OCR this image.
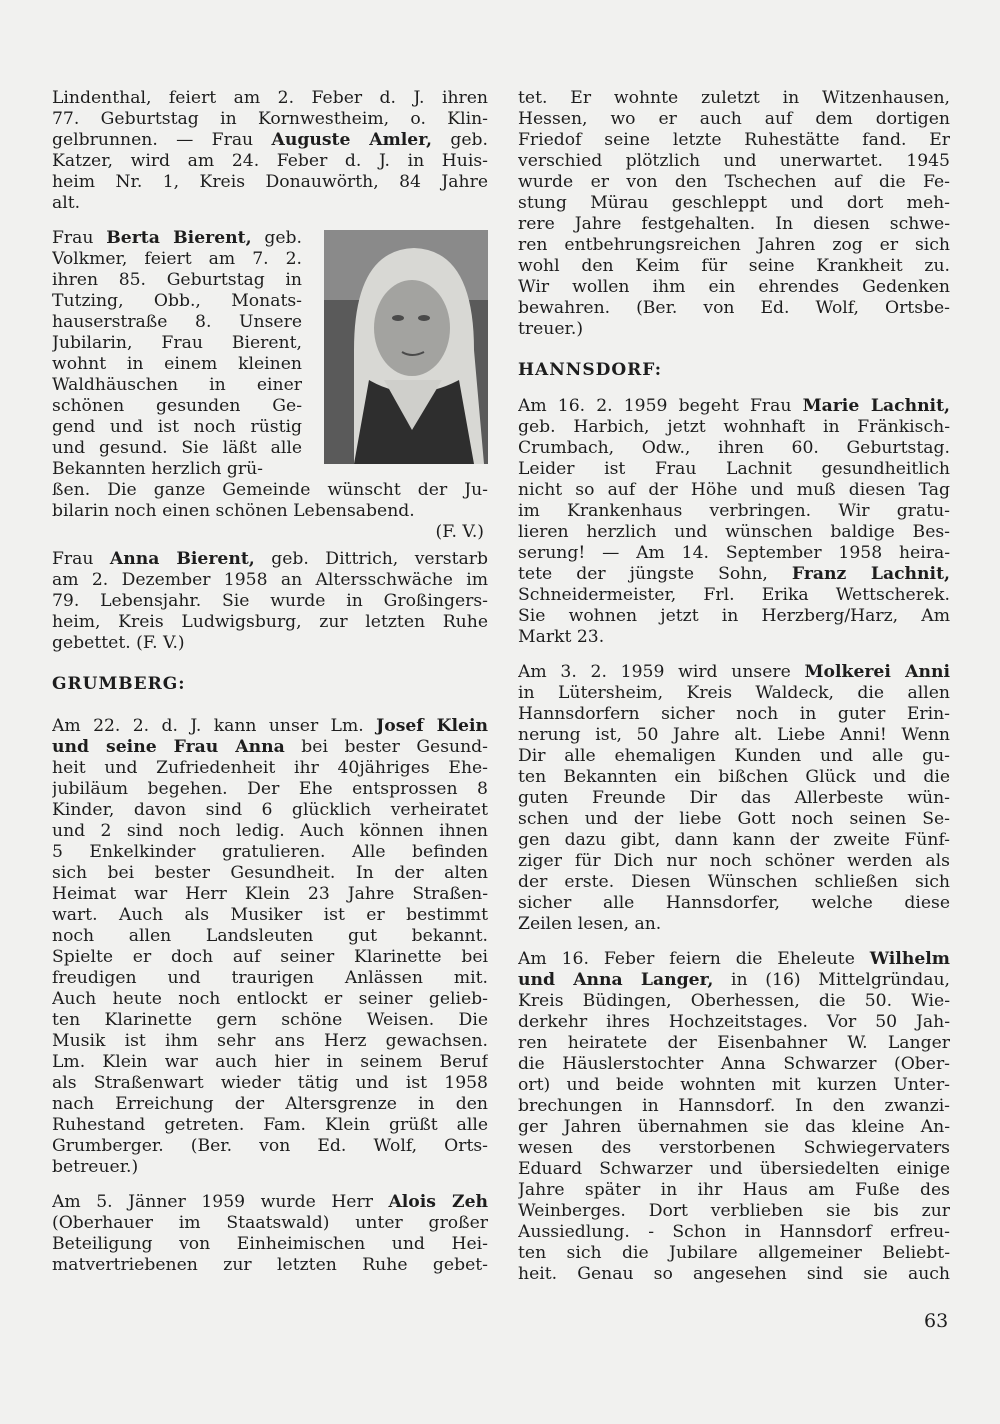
Lindenthal, feiert am 2. Feber d. J. ihren
77. Geburtstag in Kornwestheim, o. Klin-
gelbrunnen. — Frau Auguste Amler, geb.
Katzer, wird am 24. Feber d. J. in Huis-
heim Nr. 1, Kreis Donauwörth, 84 Jahre
alt.
Frau Berta Bierent, geb.
Volkmer, feiert am 7. 2.
ihren 85. Geburtstag in
Tutzing, Obb., Monats-
hauserstraße 8. Unsere
Jubilarin, Frau Bierent,
wohnt in einem kleinen
Waldhäuschen in einer
schönen gesunden Ge-
gend und ist noch rüstig
und gesund. Sie läßt alle
Bekannten herzlich grü-
ßen. Die ganze Gemeinde wünscht der Ju-
bilarin noch einen schönen Lebensabend.
(F. V.)
Frau Anna Bierent, geb. Dittrich, verstarb
am 2. Dezember 1958 an Altersschwäche im
79. Lebensjahr. Sie wurde in Großingers-
heim, Kreis Ludwigsburg, zur letzten Ruhe
gebettet. (F. V.)
GRUMBERG:
Am 22. 2. d. J. kann unser Lm. Josef Klein
und seine Frau Anna bei bester Gesund-
heit und Zufriedenheit ihr 40jähriges Ehe-
jubiläum begehen. Der Ehe entsprossen 8
Kinder, davon sind 6 glücklich verheiratet
und 2 sind noch ledig. Auch können ihnen
5 Enkelkinder gratulieren. Alle befinden
sich bei bester Gesundheit. In der alten
Heimat war Herr Klein 23 Jahre Straßen-
wart. Auch als Musiker ist er bestimmt
noch allen Landsleuten gut bekannt.
Spielte er doch auf seiner Klarinette bei
freudigen und traurigen Anlässen mit.
Auch heute noch entlockt er seiner gelieb-
ten Klarinette gern schöne Weisen. Die
Musik ist ihm sehr ans Herz gewachsen.
Lm. Klein war auch hier in seinem Beruf
als Straßenwart wieder tätig und ist 1958
nach Erreichung der Altersgrenze in den
Ruhestand getreten. Fam. Klein grüßt alle
Grumberger. (Ber. von Ed. Wolf, Orts-
betreuer.)
Am 5. Jänner 1959 wurde Herr Alois Zeh
(Oberhauer im Staatswald) unter großer
Beteiligung von Einheimischen und Hei-
matvertriebenen zur letzten Ruhe gebet-
tet. Er wohnte zuletzt in Witzenhausen,
Hessen, wo er auch auf dem dortigen
Friedof seine letzte Ruhestätte fand. Er
verschied plötzlich und unerwartet. 1945
wurde er von den Tschechen auf die Fe-
stung Mürau geschleppt und dort meh-
rere Jahre festgehalten. In diesen schwe-
ren entbehrungsreichen Jahren zog er sich
wohl den Keim für seine Krankheit zu.
Wir wollen ihm ein ehrendes Gedenken
bewahren. (Ber. von Ed. Wolf, Ortsbe-
treuer.)
HANNSDORF:
Am 16. 2. 1959 begeht Frau Marie Lachnit,
geb. Harbich, jetzt wohnhaft in Fränkisch-
Crumbach, Odw., ihren 60. Geburtstag.
Leider ist Frau Lachnit gesundheitlich
nicht so auf der Höhe und muß diesen Tag
im Krankenhaus verbringen. Wir gratu-
lieren herzlich und wünschen baldige Bes-
serung! — Am 14. September 1958 heira-
tete der jüngste Sohn, Franz Lachnit,
Schneidermeister, Frl. Erika Wettscherek.
Sie wohnen jetzt in Herzberg/Harz, Am
Markt 23.
Am 3. 2. 1959 wird unsere Molkerei Anni
in Lütersheim, Kreis Waldeck, die allen
Hannsdorfern sicher noch in guter Erin-
nerung ist, 50 Jahre alt. Liebe Anni! Wenn
Dir alle ehemaligen Kunden und alle gu-
ten Bekannten ein bißchen Glück und die
guten Freunde Dir das Allerbeste wün-
schen und der liebe Gott noch seinen Se-
gen dazu gibt, dann kann der zweite Fünf-
ziger für Dich nur noch schöner werden als
der erste. Diesen Wünschen schließen sich
sicher alle Hannsdorfer, welche diese
Zeilen lesen, an.
Am 16. Feber feiern die Eheleute Wilhelm
und Anna Langer, in (16) Mittelgründau,
Kreis Büdingen, Oberhessen, die 50. Wie-
derkehr ihres Hochzeitstages. Vor 50 Jah-
ren heiratete der Eisenbahner W. Langer
die Häuslerstochter Anna Schwarzer (Ober-
ort) und beide wohnten mit kurzen Unter-
brechungen in Hannsdorf. In den zwanzi-
ger Jahren übernahmen sie das kleine An-
wesen des verstorbenen Schwiegervaters
Eduard Schwarzer und übersiedelten einige
Jahre später in ihr Haus am Fuße des
Weinberges. Dort verblieben sie bis zur
Aussiedlung. - Schon in Hannsdorf erfreu-
ten sich die Jubilare allgemeiner Beliebt-
heit. Genau so angesehen sind sie auch
63
